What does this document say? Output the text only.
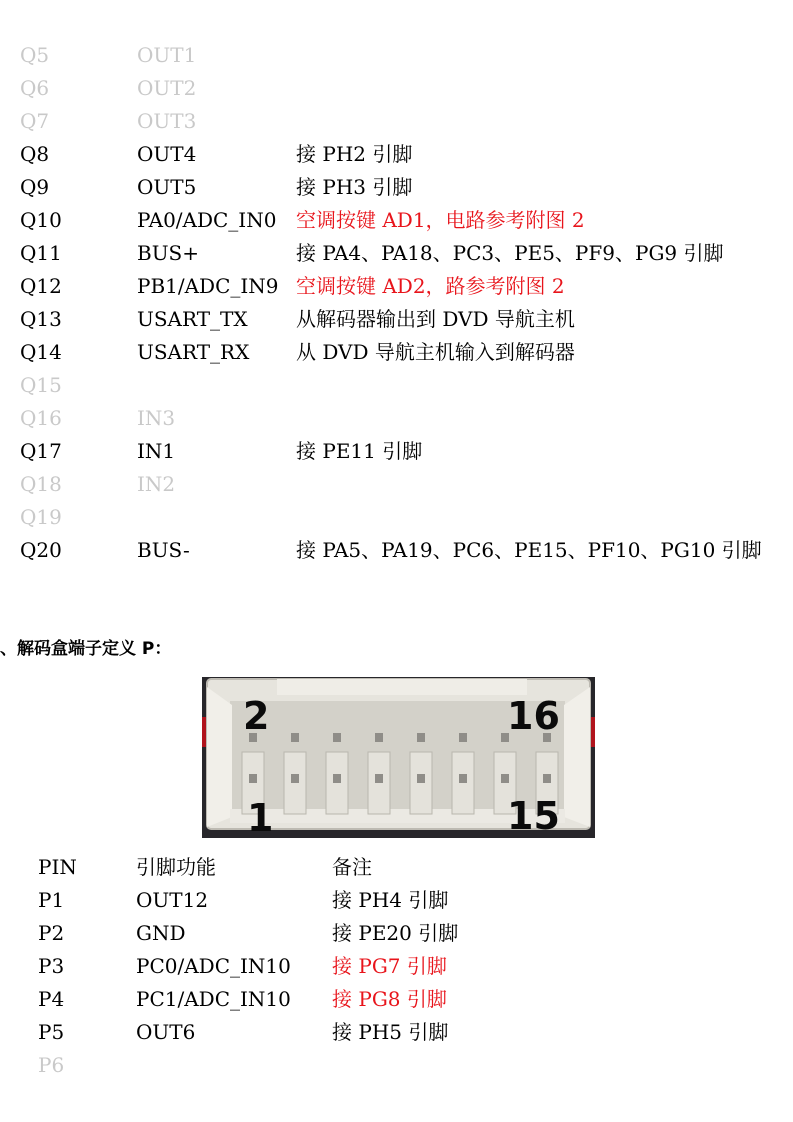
Q5	OUT1
Q6	OUT2
Q7	OUT3
Q8	OUT4	接 PH2 引脚
Q9	OUT5	接 PH3 引脚
Q10	PA0/ADC_IN0 空调按键 AD1，电路参考附图 2
Q11	BUS+	接 PA4、PA18、PC3、PE5、PF9、PG9 引脚
Q12	PB1/ADC_IN9 空调按键 AD2，路参考附图 2
Q13	USART_TX 从解码器输出到 DVD 导航主机
Q14	USART_RX 从 DVD 导航主机输入到解码器
Q15
Q16	IN3
Q17	IN1	接 PE11 引脚
Q18	IN2
Q19
Q20	BUS-	接 PA5、PA19、PC6、PE15、PF10、PG10 引脚
、解码盒端子定义 P：
2	16
1	15
PIN	引脚功能	备注
P1	OUT12	接 PH4 引脚
P2	GND	接 PE20 引脚
P3	PC0/ADC_IN10 接 PG7 引脚
P4	PC1/ADC_IN10 接 PG8 引脚
P5	OUT6	接 PH5 引脚
P6
